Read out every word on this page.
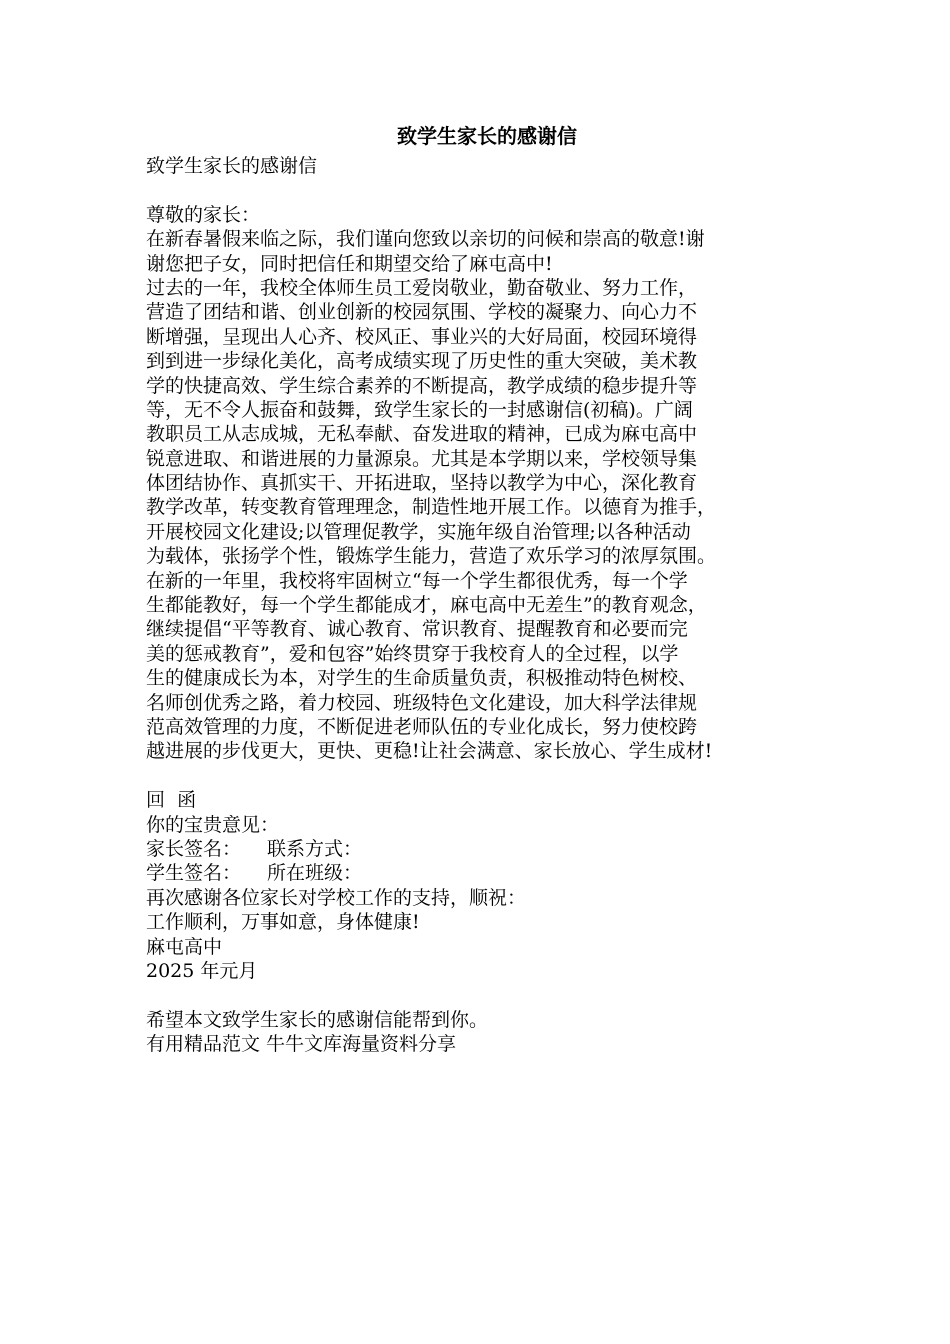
致学生家长的感谢信
致学生家长的感谢信
尊敬的家长：
在新春暑假来临之际，我们谨向您致以亲切的问候和崇高的敬意!谢
谢您把子女，同时把信任和期望交给了麻屯高中!
过去的一年，我校全体师生员工爱岗敬业，勤奋敬业、努力工作，
营造了团结和谐、创业创新的校园氛围、学校的凝聚力、向心力不
断增强，呈现出人心齐、校风正、事业兴的大好局面，校园环境得
到到进一步绿化美化，高考成绩实现了历史性的重大突破，美术教
学的快捷高效、学生综合素养的不断提高，教学成绩的稳步提升等
等，无不令人振奋和鼓舞，致学生家长的一封感谢信(初稿)。广阔
教职员工从志成城，无私奉献、奋发进取的精神，已成为麻屯高中
锐意进取、和谐进展的力量源泉。尤其是本学期以来，学校领导集
体团结协作、真抓实干、开拓进取，坚持以教学为中心，深化教育
教学改革，转变教育管理理念，制造性地开展工作。以德育为推手，
开展校园文化建设;以管理促教学，实施年级自治管理;以各种活动
为载体，张扬学个性，锻炼学生能力，营造了欢乐学习的浓厚氛围。
在新的一年里，我校将牢固树立“每一个学生都很优秀，每一个学
生都能教好，每一个学生都能成才，麻屯高中无差生”的教育观念，
继续提倡“平等教育、诚心教育、常识教育、提醒教育和必要而完
美的惩戒教育”，爱和包容”始终贯穿于我校育人的全过程，以学
生的健康成长为本，对学生的生命质量负责，积极推动特色树校、
名师创优秀之路，着力校园、班级特色文化建设，加大科学法律规
范高效管理的力度，不断促进老师队伍的专业化成长，努力使校跨
越进展的步伐更大，更快、更稳!让社会满意、家长放心、学生成材!
回  函
你的宝贵意见：
家长签名： 联系方式：
学生签名： 所在班级：
再次感谢各位家长对学校工作的支持，顺祝：
工作顺利，万事如意，身体健康!
麻屯高中
2025 年元月
希望本文致学生家长的感谢信能帮到你。
有用精品范文 牛牛文库海量资料分享
